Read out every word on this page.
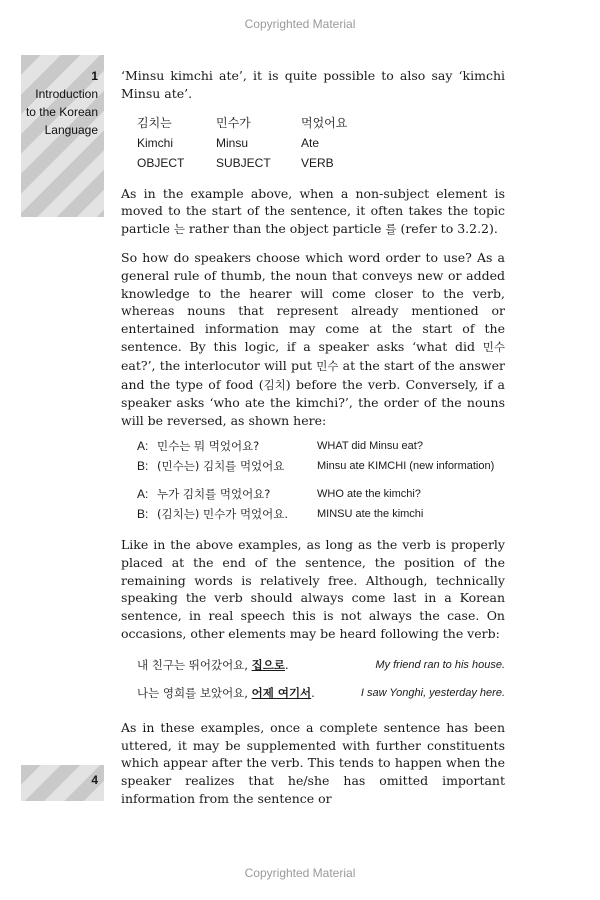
Copyrighted Material
1
Introduction
to the Korean
Language

‘Minsu kimchi ate’, it is quite possible to also say ‘kimchi Minsu ate’.

김치는	민수가	먹었어요
Kimchi	Minsu	Ate
OBJECT	SUBJECT	VERB

As in the example above, when a non-subject element is moved to the start of the sentence, it often takes the topic particle 는 rather than the object particle 를 (refer to 3.2.2).

So how do speakers choose which word order to use? As a general rule of thumb, the noun that conveys new or added knowledge to the hearer will come closer to the verb, whereas nouns that represent already mentioned or entertained information may come at the start of the sentence. By this logic, if a speaker asks ‘what did 민수 eat?’, the interlocutor will put 민수 at the start of the answer and the type of food (김치) before the verb. Conversely, if a speaker asks ‘who ate the kimchi?’, the order of the nouns will be reversed, as shown here:

A: 민수는 뭐 먹었어요?	WHAT did Minsu eat?
B: (민수는) 김치를 먹었어요	Minsu ate KIMCHI (new information)
A: 누가 김치를 먹었어요?	WHO ate the kimchi?
B: (김치는) 민수가 먹었어요.	MINSU ate the kimchi

Like in the above examples, as long as the verb is properly placed at the end of the sentence, the position of the remaining words is relatively free. Although, technically speaking the verb should always come last in a Korean sentence, in real speech this is not always the case. On occasions, other elements may be heard following the verb:

내 친구는 뛰어갔어요, 집으로.	My friend ran to his house.
나는 영희를 보았어요, 어제 여기서.	I saw Yonghi, yesterday here.

As in these examples, once a complete sentence has been uttered, it may be supplemented with further constituents which appear after the verb. This tends to happen when the speaker realizes that he/she has omitted important information from the sentence or

4
Copyrighted Material
